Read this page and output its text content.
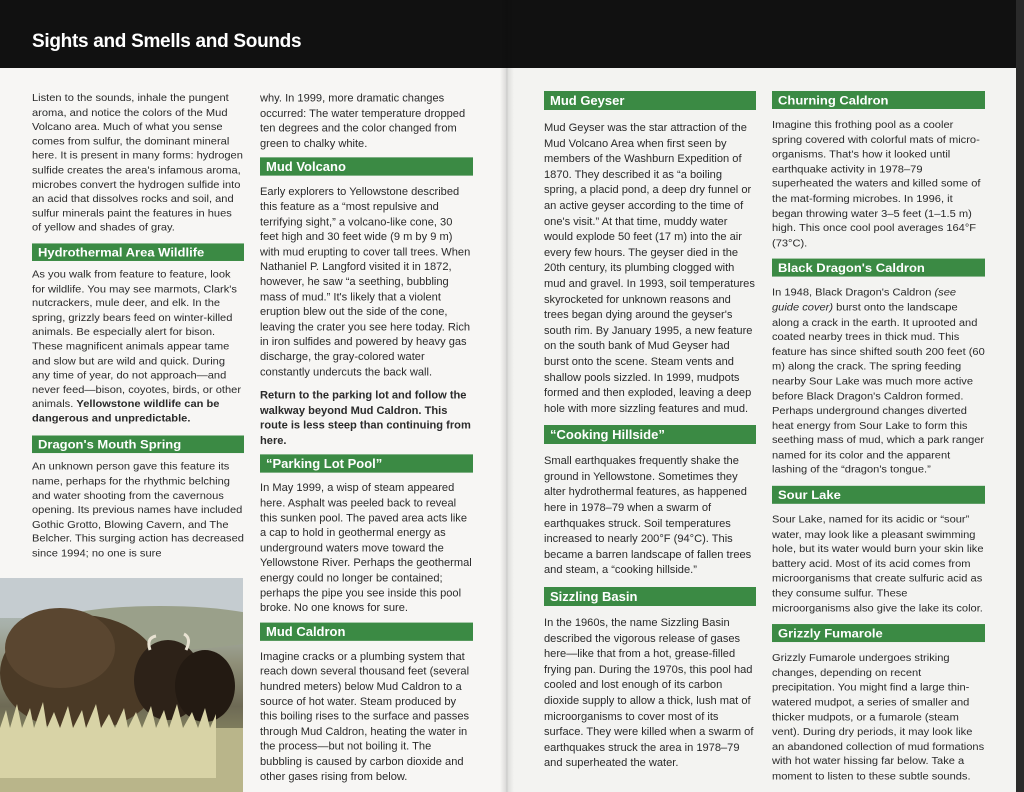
Sights and Smells and Sounds

Listen to the sounds, inhale the pungent aroma, and notice the colors of the Mud Volcano area. Much of what you sense comes from sulfur, the dominant mineral here. It is present in many forms: hydrogen sulfide creates the area's infamous aroma, microbes convert the hydrogen sulfide into an acid that dissolves rocks and soil, and sulfur minerals paint the features in hues of yellow and shades of gray.

Hydrothermal Area Wildlife

As you walk from feature to feature, look for wildlife. You may see marmots, Clark's nutcrackers, mule deer, and elk. In the spring, grizzly bears feed on winter-killed animals. Be especially alert for bison. These magnificent animals appear tame and slow but are wild and quick. During any time of year, do not approach—and never feed—bison, coyotes, birds, or other animals. Yellowstone wildlife can be dangerous and unpredictable.

Dragon's Mouth Spring

An unknown person gave this feature its name, perhaps for the rhythmic belching and water shooting from the cavernous opening. Its previous names have included Gothic Grotto, Blowing Cavern, and The Belcher. This surging action has decreased since 1994; no one is sure

why. In 1999, more dramatic changes occurred: The water temperature dropped ten degrees and the color changed from green to chalky white.

Mud Volcano

Early explorers to Yellowstone described this feature as a “most repulsive and terrifying sight,” a volcano-like cone, 30 feet high and 30 feet wide (9 m by 9 m) with mud erupting to cover tall trees. When Nathaniel P. Langford visited it in 1872, however, he saw “a seething, bubbling mass of mud.” It's likely that a violent eruption blew out the side of the cone, leaving the crater you see here today. Rich in iron sulfides and powered by heavy gas discharge, the gray-colored water constantly undercuts the back wall.

Return to the parking lot and follow the walkway beyond Mud Caldron. This route is less steep than continuing from here.

“Parking Lot Pool”

In May 1999, a wisp of steam appeared here. Asphalt was peeled back to reveal this sunken pool. The paved area acts like a cap to hold in geothermal energy as underground waters move toward the Yellowstone River. Perhaps the geothermal energy could no longer be contained; perhaps the pipe you see inside this pool broke. No one knows for sure.

Mud Caldron

Imagine cracks or a plumbing system that reach down several thousand feet (several hundred meters) below Mud Caldron to a source of hot water. Steam produced by this boiling rises to the surface and passes through Mud Caldron, heating the water in the process—but not boiling it. The bubbling is caused by carbon dioxide and other gases rising from below.

Mud Geyser

Mud Geyser was the star attraction of the Mud Volcano Area when first seen by members of the Washburn Expedition of 1870. They described it as “a boiling spring, a placid pond, a deep dry funnel or an active geyser according to the time of one's visit.” At that time, muddy water would explode 50 feet (17 m) into the air every few hours. The geyser died in the 20th century, its plumbing clogged with mud and gravel. In 1993, soil temperatures skyrocketed for unknown reasons and trees began dying around the geyser's south rim. By January 1995, a new feature on the south bank of Mud Geyser had burst onto the scene. Steam vents and shallow pools sizzled. In 1999, mudpots formed and then exploded, leaving a deep hole with more sizzling features and mud.

“Cooking Hillside”

Small earthquakes frequently shake the ground in Yellowstone. Sometimes they alter hydrothermal features, as happened here in 1978–79 when a swarm of earthquakes struck. Soil temperatures increased to nearly 200°F (94°C). This became a barren landscape of fallen trees and steam, a “cooking hillside.”

Sizzling Basin

In the 1960s, the name Sizzling Basin described the vigorous release of gases here—like that from a hot, grease-filled frying pan. During the 1970s, this pool had cooled and lost enough of its carbon dioxide supply to allow a thick, lush mat of microorganisms to cover most of its surface. They were killed when a swarm of earthquakes struck the area in 1978–79 and superheated the water.

Churning Caldron

Imagine this frothing pool as a cooler spring covered with colorful mats of micro-organisms. That's how it looked until earthquake activity in 1978–79 superheated the waters and killed some of the mat-forming microbes. In 1996, it began throwing water 3–5 feet (1–1.5 m) high. This once cool pool averages 164°F (73°C).

Black Dragon's Caldron

In 1948, Black Dragon's Caldron (see guide cover) burst onto the landscape along a crack in the earth. It uprooted and coated nearby trees in thick mud. This feature has since shifted south 200 feet (60 m) along the crack. The spring feeding nearby Sour Lake was much more active before Black Dragon's Caldron formed. Perhaps underground changes diverted heat energy from Sour Lake to form this seething mass of mud, which a park ranger named for its color and the apparent lashing of the “dragon's tongue.”

Sour Lake

Sour Lake, named for its acidic or “sour” water, may look like a pleasant swimming hole, but its water would burn your skin like battery acid. Most of its acid comes from microorganisms that create sulfuric acid as they consume sulfur. These microorganisms also give the lake its color.

Grizzly Fumarole

Grizzly Fumarole undergoes striking changes, depending on recent precipitation. You might find a large thin-watered mudpot, a series of smaller and thicker mudpots, or a fumarole (steam vent). During dry periods, it may look like an abandoned collection of mud formations with hot water hissing far below. Take a moment to listen to these subtle sounds.
